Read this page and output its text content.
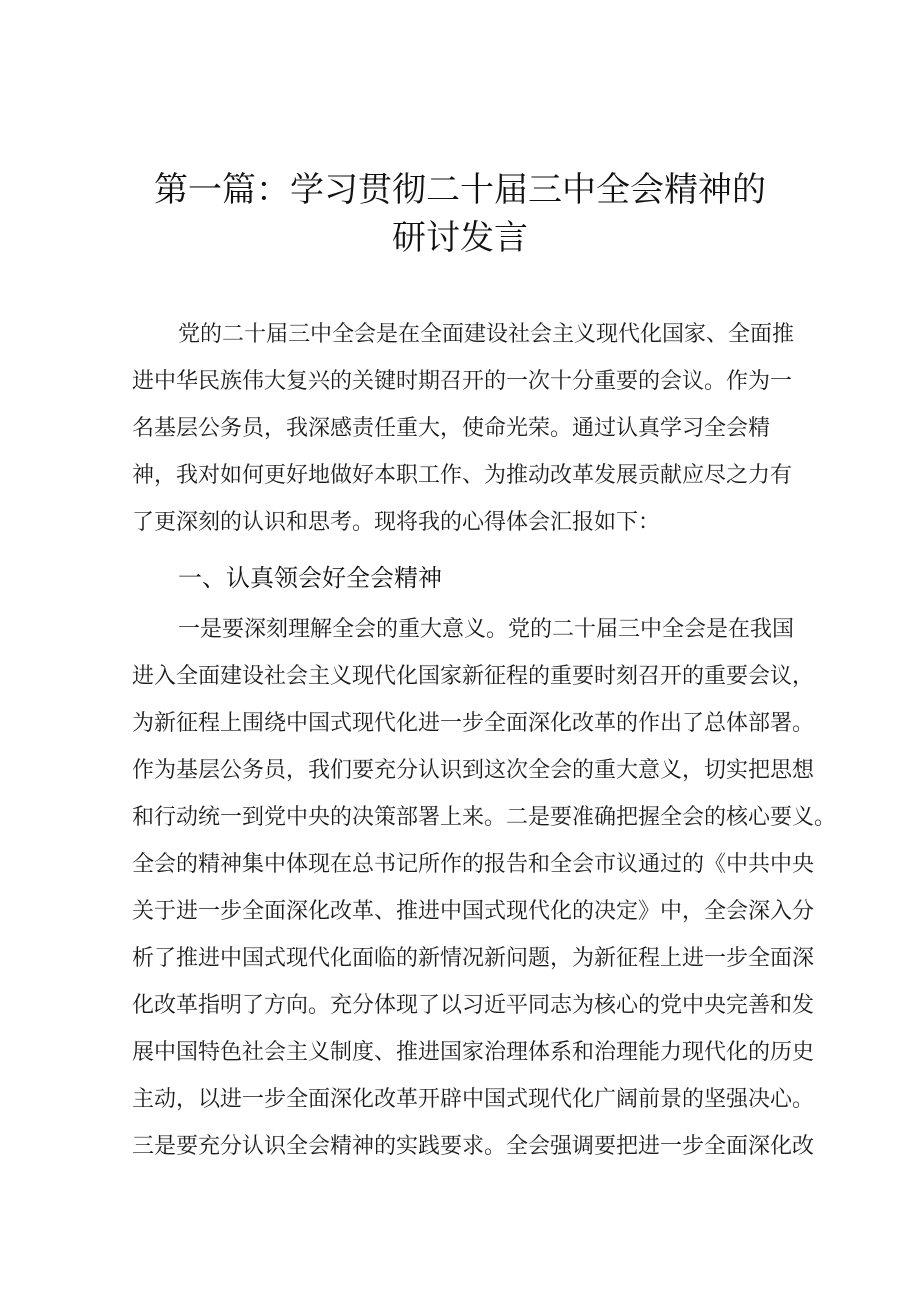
第一篇：学习贯彻二十届三中全会精神的
研讨发言

党的二十届三中全会是在全面建设社会主义现代化国家、全面推

进中华民族伟大复兴的关键时期召开的一次十分重要的会议。作为一

名基层公务员，我深感责任重大，使命光荣。通过认真学习全会精

神，我对如何更好地做好本职工作、为推动改革发展贡献应尽之力有

了更深刻的认识和思考。现将我的心得体会汇报如下：

一、认真领会好全会精神

一是要深刻理解全会的重大意义。党的二十届三中全会是在我国

进入全面建设社会主义现代化国家新征程的重要时刻召开的重要会议，

为新征程上围绕中国式现代化进一步全面深化改革的作出了总体部署。

作为基层公务员，我们要充分认识到这次全会的重大意义，切实把思想

和行动统一到党中央的决策部署上来。二是要准确把握全会的核心要义。

全会的精神集中体现在总书记所作的报告和全会市议通过的《中共中央

关于进一步全面深化改革、推进中国式现代化的决定》中，全会深入分

析了推进中国式现代化面临的新情况新问题，为新征程上进一步全面深

化改革指明了方向。充分体现了以习近平同志为核心的党中央完善和发

展中国特色社会主义制度、推进国家治理体系和治理能力现代化的历史

主动，以进一步全面深化改革开辟中国式现代化广阔前景的坚强决心。

三是要充分认识全会精神的实践要求。全会强调要把进一步全面深化改
